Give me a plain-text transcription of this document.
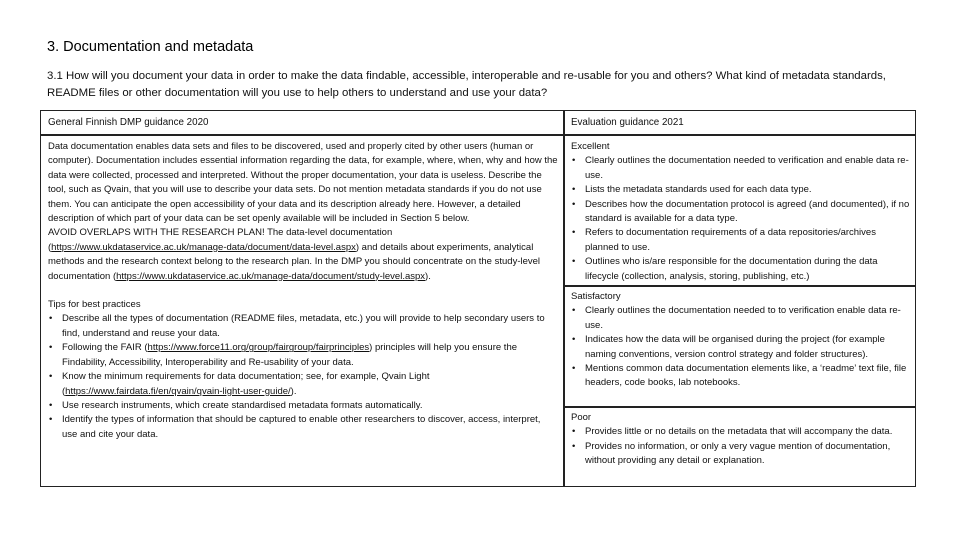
3. Documentation and metadata
3.1 How will you document your data in order to make the data findable, accessible, interoperable and re-usable for you and others? What kind of metadata standards, README files or other documentation will you use to help others to understand and use your data?
General Finnish DMP guidance 2020	Evaluation guidance 2021

Data documentation enables data sets and files to be discovered, used and properly cited by other users (human or computer). Documentation includes essential information regarding the data, for example, where, when, why and how the data were collected, processed and interpreted. Without the proper documentation, your data is useless. Describe the tool, such as Qvain, that you will use to describe your data sets. Do not mention metadata standards if you do not use them. You can anticipate the open accessibility of your data and its description already here. However, a detailed description of which part of your data can be set openly available will be included in Section 5 below.

AVOID OVERLAPS WITH THE RESEARCH PLAN! The data-level documentation
(https://www.ukdataservice.ac.uk/manage-data/document/data-level.aspx) and details about experiments, analytical methods and the research context belong to the research plan. In the DMP you should concentrate on the study-level documentation (https://www.ukdataservice.ac.uk/manage-data/document/study-level.aspx).

Tips for best practices

• Describe all the types of documentation (README files, metadata, etc.) you will provide to help secondary users to find, understand and reuse your data.
• Following the FAIR (https://www.force11.org/group/fairgroup/fairprinciples) principles will help you ensure the Findability, Accessibility, Interoperability and Re-usability of your data.
• Know the minimum requirements for data documentation; see, for example, Qvain Light (https://www.fairdata.fi/en/qvain/qvain-light-user-guide/).
• Use research instruments, which create standardised metadata formats automatically.
• Identify the types of information that should be captured to enable other researchers to discover, access, interpret, use and cite your data.
Excellent
• Clearly outlines the documentation needed to verification and enable data re-use.
• Lists the metadata standards used for each data type.
• Describes how the documentation protocol is agreed (and documented), if no standard is available for a data type.
• Refers to documentation requirements of a data repositories/archives planned to use.
• Outlines who is/are responsible for the documentation during the data lifecycle (collection, analysis, storing, publishing, etc.)
Satisfactory
• Clearly outlines the documentation needed to to verification enable data re-use.
• Indicates how the data will be organised during the project (for example naming conventions, version control strategy and folder structures).
• Mentions common data documentation elements like, a ‘readme’ text file, file headers, code books, lab notebooks.
Poor
• Provides little or no details on the metadata that will accompany the data.
• Provides no information, or only a very vague mention of documentation, without providing any detail or explanation.
